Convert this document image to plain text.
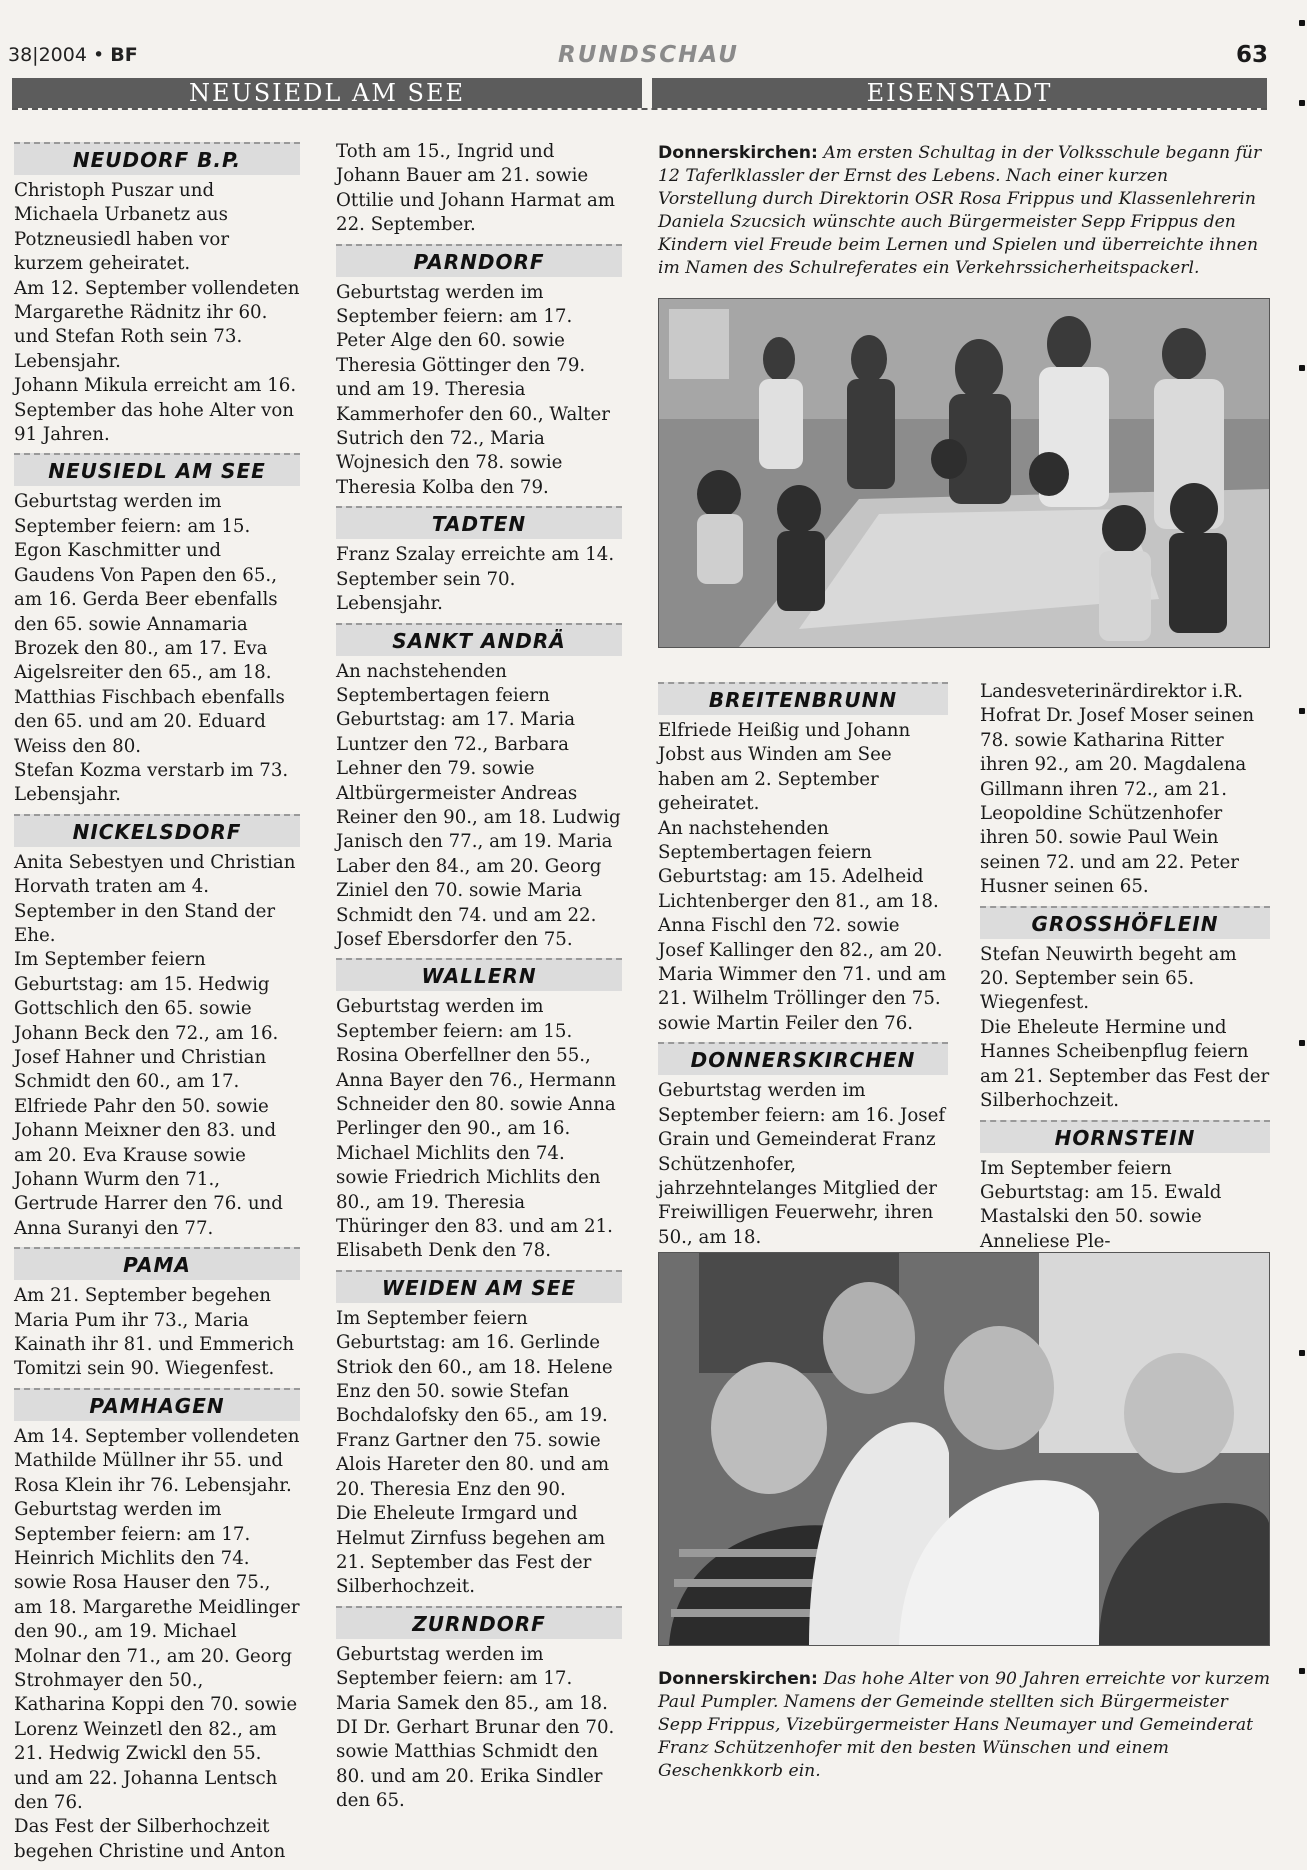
38|2004 • BF	RUNDSCHAU	63
NEUSIEDL AM SEE	EISENSTADT
NEUDORF B.P.

Christoph Puszar und Michaela Urbanetz aus Potzneusiedl haben vor kurzem geheiratet.

Am 12. September vollendeten Margarethe Rädnitz ihr 60. und Stefan Roth sein 73. Lebensjahr.

Johann Mikula erreicht am 16. September das hohe Alter von 91 Jahren.

NEUSIEDL AM SEE

Geburtstag werden im September feiern: am 15. Egon Kaschmitter und Gaudens Von Papen den 65., am 16. Gerda Beer ebenfalls den 65. sowie Annamaria Brozek den 80., am 17. Eva Aigelsreiter den 65., am 18. Matthias Fischbach ebenfalls den 65. und am 20. Eduard Weiss den 80.

Stefan Kozma verstarb im 73. Lebensjahr.

NICKELSDORF

Anita Sebestyen und Christian Horvath traten am 4. September in den Stand der Ehe.

Im September feiern Geburtstag: am 15. Hedwig Gottschlich den 65. sowie Johann Beck den 72., am 16. Josef Hahner und Christian Schmidt den 60., am 17. Elfriede Pahr den 50. sowie Johann Meixner den 83. und am 20. Eva Krause sowie Johann Wurm den 71., Gertrude Harrer den 76. und Anna Suranyi den 77.

PAMA

Am 21. September begehen Maria Pum ihr 73., Maria Kainath ihr 81. und Emmerich Tomitzi sein 90. Wiegenfest.

PAMHAGEN

Am 14. September vollendeten Mathilde Müllner ihr 55. und Rosa Klein ihr 76. Lebensjahr.

Geburtstag werden im September feiern: am 17. Heinrich Michlits den 74. sowie Rosa Hauser den 75., am 18. Margarethe Meidlinger den 90., am 19. Michael Molnar den 71., am 20. Georg Strohmayer den 50., Katharina Koppi den 70. sowie Lorenz Weinzetl den 82., am 21. Hedwig Zwickl den 55. und am 22. Johanna Lentsch den 76.

Das Fest der Silberhochzeit begehen Christine und Anton

Toth am 15., Ingrid und Johann Bauer am 21. sowie Ottilie und Johann Harmat am 22. September.

PARNDORF

Geburtstag werden im September feiern: am 17. Peter Alge den 60. sowie Theresia Göttinger den 79. und am 19. Theresia Kammerhofer den 60., Walter Sutrich den 72., Maria Wojnesich den 78. sowie Theresia Kolba den 79.

TADTEN

Franz Szalay erreichte am 14. September sein 70. Lebensjahr.

SANKT ANDRÄ

An nachstehenden Septembertagen feiern Geburtstag: am 17. Maria Luntzer den 72., Barbara Lehner den 79. sowie Altbürgermeister Andreas Reiner den 90., am 18. Ludwig Janisch den 77., am 19. Maria Laber den 84., am 20. Georg Ziniel den 70. sowie Maria Schmidt den 74. und am 22. Josef Ebersdorfer den 75.

WALLERN

Geburtstag werden im September feiern: am 15. Rosina Oberfellner den 55., Anna Bayer den 76., Hermann Schneider den 80. sowie Anna Perlinger den 90., am 16. Michael Michlits den 74. sowie Friedrich Michlits den 80., am 19. Theresia Thüringer den 83. und am 21. Elisabeth Denk den 78.

WEIDEN AM SEE

Im September feiern Geburtstag: am 16. Gerlinde Striok den 60., am 18. Helene Enz den 50. sowie Stefan Bochdalofsky den 65., am 19. Franz Gartner den 75. sowie Alois Hareter den 80. und am 20. Theresia Enz den 90.

Die Eheleute Irmgard und Helmut Zirnfuss begehen am 21. September das Fest der Silberhochzeit.

ZURNDORF

Geburtstag werden im September feiern: am 17. Maria Samek den 85., am 18. DI Dr. Gerhart Brunar den 70. sowie Matthias Schmidt den 80. und am 20. Erika Sindler den 65.

Donnerskirchen: Am ersten Schultag in der Volksschule begann für 12 Taferlklassler der Ernst des Lebens. Nach einer kurzen Vorstellung durch Direktorin OSR Rosa Frippus und Klassenlehrerin Daniela Szucsich wünschte auch Bürgermeister Sepp Frippus den Kindern viel Freude beim Lernen und Spielen und überreichte ihnen im Namen des Schulreferates ein Verkehrssicherheitspackerl.
BREITENBRUNN

Elfriede Heißig und Johann Jobst aus Winden am See haben am 2. September geheiratet.

An nachstehenden Septembertagen feiern Geburtstag: am 15. Adelheid Lichtenberger den 81., am 18. Anna Fischl den 72. sowie Josef Kallinger den 82., am 20. Maria Wimmer den 71. und am 21. Wilhelm Tröllinger den 75. sowie Martin Feiler den 76.

DONNERSKIRCHEN

Geburtstag werden im September feiern: am 16. Josef Grain und Gemeinderat Franz Schützenhofer, jahrzehntelanges Mitglied der Freiwilligen Feuerwehr, ihren 50., am 18.

Landesveterinärdirektor i.R. Hofrat Dr. Josef Moser seinen 78. sowie Katharina Ritter ihren 92., am 20. Magdalena Gillmann ihren 72., am 21. Leopoldine Schützenhofer ihren 50. sowie Paul Wein seinen 72. und am 22. Peter Husner seinen 65.

GROSSHÖFLEIN

Stefan Neuwirth begeht am 20. September sein 65. Wiegenfest.

Die Eheleute Hermine und Hannes Scheibenpflug feiern am 21. September das Fest der Silberhochzeit.

HORNSTEIN

Im September feiern Geburtstag: am 15. Ewald Mastalski den 50. sowie Anneliese Ple-

Donnerskirchen: Das hohe Alter von 90 Jahren erreichte vor kurzem Paul Pumpler. Namens der Gemeinde stellten sich Bürgermeister Sepp Frippus, Vizebürgermeister Hans Neumayer und Gemeinderat Franz Schützenhofer mit den besten Wünschen und einem Geschenkkorb ein.
